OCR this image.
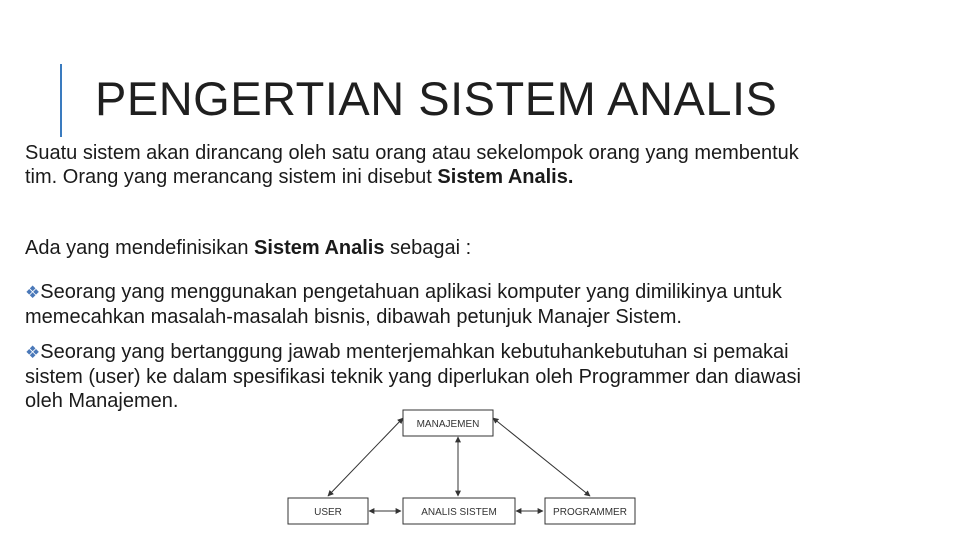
PENGERTIAN SISTEM ANALIS
Suatu sistem akan dirancang oleh satu orang atau sekelompok orang yang membentuk
tim. Orang yang merancang sistem ini disebut Sistem Analis.
Ada yang mendefinisikan Sistem Analis sebagai :
❖Seorang yang menggunakan pengetahuan aplikasi komputer yang dimilikinya untuk
memecahkan masalah-masalah bisnis, dibawah petunjuk Manajer Sistem.
❖Seorang yang bertanggung jawab menterjemahkan kebutuhankebutuhan si pemakai
sistem (user) ke dalam spesifikasi teknik yang diperlukan oleh Programmer dan diawasi
oleh Manajemen.
MANAJEMEN
USER	ANALIS SISTEM	PROGRAMMER
